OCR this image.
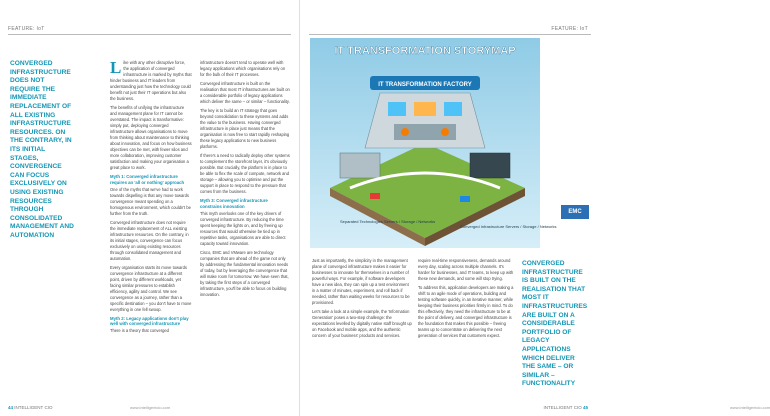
FEATURE: IoT
CONVERGED INFRASTRUCTURE DOES NOT REQUIRE THE IMMEDIATE REPLACEMENT OF ALL EXISTING INFRASTRUCTURE RESOURCES. ON THE CONTRARY, IN ITS INITIAL STAGES, CONVERGENCE CAN FOCUS EXCLUSIVELY ON USING EXISTING RESOURCES THROUGH CONSOLIDATED MANAGEMENT AND AUTOMATION

Like with any other disruptive force, the application of converged infrastructure is marked by myths that hinder business and IT leaders from understanding just how the technology could benefit not just their IT operations but also the business.

The benefits of unifying the infrastructure and management plane for IT cannot be overstated. The impact is transformative: simply put, deploying converged infrastructure allows organisations to move from thinking about maintenance to thinking about innovation, and focus on how business objectives can be met, with fewer silos and more collaboration, improving customer satisfaction and making your organisation a great place to work.

Myth 1: Converged infrastructure requires an 'all or nothing' approach

One of the myths that we've had to work towards dispelling is that any move towards convergence meant spending on a homogenous environment, which couldn't be further from the truth.

Converged infrastructure does not require the immediate replacement of ALL existing infrastructure resources. On the contrary, in its initial stages, convergence can focus exclusively on using existing resources through consolidated management and automation.

Every organisation starts its move towards convergence infrastructure at a different point, driven by different workloads, yet facing similar pressures to establish efficiency, agility and control. We see convergence as a journey, rather than a specific destination – you don't have to move everything in one fell swoop.

Myth 2: Legacy applications don't play well with converged infrastructure

There is a theory that converged

infrastructure doesn't tend to operate well with legacy applications which organisations rely on for the bulk of their IT processes.

Converged infrastructure is built on the realisation that most IT infrastructures are built on a considerable portfolio of legacy applications which deliver the same – or similar – functionality.

The key is to build an IT strategy that goes beyond consolidation to these systems and adds the value to the business. Having converged infrastructure in place just means that the organisation is now free to start rapidly reshaping these legacy applications to new business platforms.

If there's a need to radically deploy other systems to complement the storefront layer, it's obviously possible. But crucially, the platform is in place to be able to flex the scale of compute, network and storage – allowing you to optimise and put the support in place to respond to the pressure that comes from the business.

Myth 3: Converged infrastructure constrains innovation

This myth overlooks one of the key drivers of converged infrastructure. By reducing the time spent keeping the lights on, and by freeing up resources that would otherwise be tied up in repetitive tasks, organisations are able to direct capacity toward innovation.

Cisco, EMC and VMware are technology companies that are ahead of the game not only by addressing the fundamental innovation needs of today, but by leveraging the convergence that will make room for tomorrow. We have seen that, by taking the first steps of a converged infrastructure, you'll be able to focus on building innovation.

44 INTELLIGENT CIO	www.intelligentcio.com
FEATURE: IoT
INTELLIGENT CIO 45	www.intelligentcio.com
IT TRANSFORMATION STORYMAP
IT TRANSFORMATION FACTORY
Separated Technologies Servers / Storage / Networks
Converged Infrastructure Servers / Storage / Networks
EMC

Just as importantly, the simplicity in the management plane of converged infrastructure makes it easier for businesses to innovate for themselves in a number of powerful ways. For example, if software developers have a new idea, they can spin up a test environment in a matter of minutes, experiment, and roll back if needed, rather than waiting weeks for resources to be provisioned.

Let's take a look at a simple example, the 'Information Generation' poses a two-step challenge: the expectations levelled by digitally native staff brought up on Facebook and mobile apps, and the authentic concern of your business' products and services.

require real-time responsiveness, demands around every day, scaling across multiple channels. It's harder for businesses, and IT teams, to keep up with these new demands, and some will stop trying.

To address this, application developers are making a shift to an agile mode of operations, building and testing software quickly, in an iterative manner, while keeping their business priorities firmly in mind. To do this effectively, they need the infrastructure to be at the point of delivery, and converged infrastructure is the foundation that makes this possible – freeing teams up to concentrate on delivering the next generation of services that customers expect.

CONVERGED INFRASTRUCTURE IS BUILT ON THE REALISATION THAT MOST IT INFRASTRUCTURES ARE BUILT ON A CONSIDERABLE PORTFOLIO OF LEGACY APPLICATIONS WHICH DELIVER THE SAME – OR SIMILAR – FUNCTIONALITY
